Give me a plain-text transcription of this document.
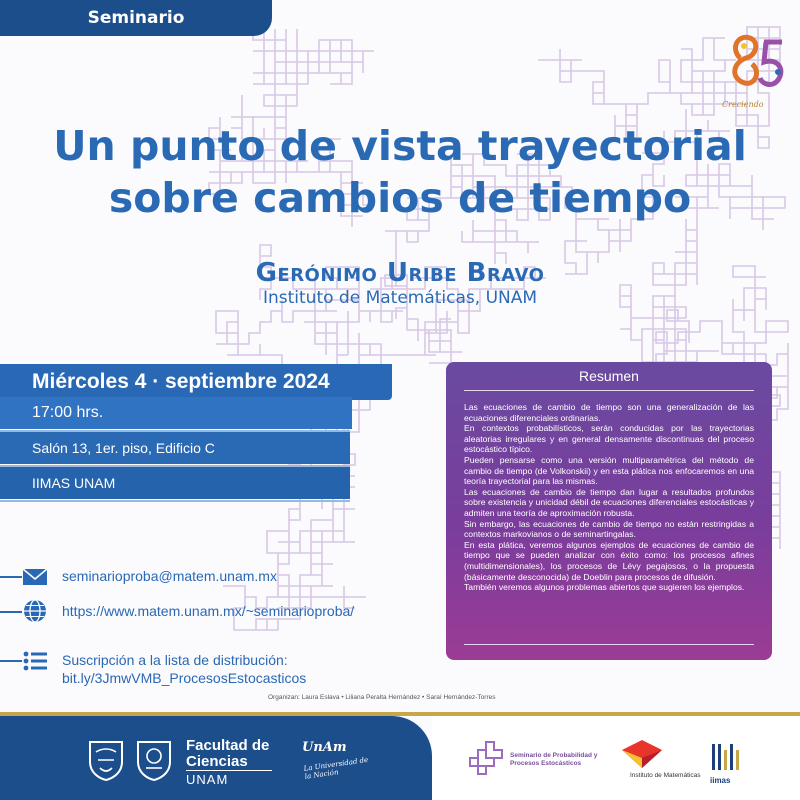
Seminario
Creciendo
Un punto de vista trayectorial
sobre cambios de tiempo
Gerónimo Uribe Bravo
Instituto de Matemáticas, UNAM
Miércoles 4 · septiembre 2024
17:00 hrs.
Salón 13, 1er. piso, Edificio C
IIMAS UNAM
Resumen

Las ecuaciones de cambio de tiempo son una generalización de las ecuaciones diferenciales ordinarias.

En contextos probabilísticos, serán conducidas por las trayectorias aleatorias irregulares y en general densamente discontinuas del proceso estocástico típico.

Pueden pensarse como una versión multiparamétrica del método de cambio de tiempo (de Volkonskii) y en esta plática nos enfocaremos en una teoría trayectorial para las mismas.

Las ecuaciones de cambio de tiempo dan lugar a resultados profundos sobre existencia y unicidad débil de ecuaciones diferenciales estocásticas y admiten una teoría de aproximación robusta.

Sin embargo, las ecuaciones de cambio de tiempo no están restringidas a contextos markovianos o de seminartingalas.

En esta plática, veremos algunos ejemplos de ecuaciones de cambio de tiempo que se pueden analizar con éxito como: los procesos afines (multidimensionales), los procesos de Lévy pegajosos, o la propuesta (básicamente desconocida) de Doeblin para procesos de difusión.

También veremos algunos problemas abiertos que sugieren los ejemplos.

seminarioproba@matem.unam.mx
https://www.matem.unam.mx/~seminarioproba/
Suscripción a la lista de distribución:
bit.ly/3JmwVMB_ProcesosEstocasticos
Organizan: Laura Eslava • Liliana Peralta Hernández • Saraí Hernández-Torres
Facultad de
Ciencias
UNAM
UnAm
La Universidad de la Nación
Seminario de Probabilidad y Procesos Estocásticos
Instituto de Matemáticas
iimas
